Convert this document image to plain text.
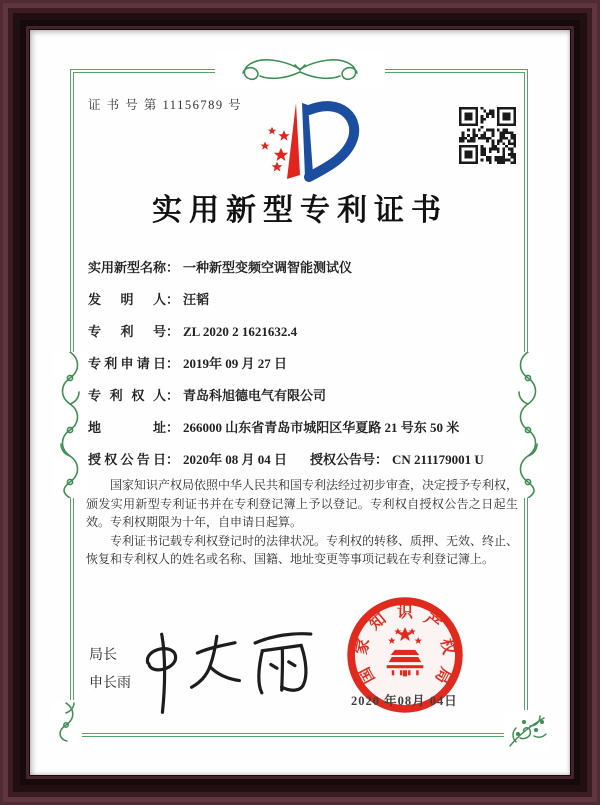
证 书 号 第 11156789 号
实用新型专利证书
实用新型名称： 一种新型变频空调智能测试仪
发明人： 汪韬
专利号： ZL 2020 2 1621632.4
专利申请日： 2019年 09 月 27 日
专利权人： 青岛科旭德电气有限公司
地址： 266000 山东省青岛市城阳区华夏路 21 号东 50 米
授权公告日： 2020年 08 月 04 日 授权公告号： CN 211179001 U

国家知识产权局依照中华人民共和国专利法经过初步审查，决定授予专利权，颁发实用新型专利证书并在专利登记簿上予以登记。专利权自授权公告之日起生效。专利权期限为十年，自申请日起算。

专利证书记载专利权登记时的法律状况。专利权的转移、质押、无效、终止、恢复和专利权人的姓名或名称、国籍、地址变更等事项记载在专利登记簿上。

局长
申长雨	国
家
知 识 产
权
局
2020 年08月 04日
